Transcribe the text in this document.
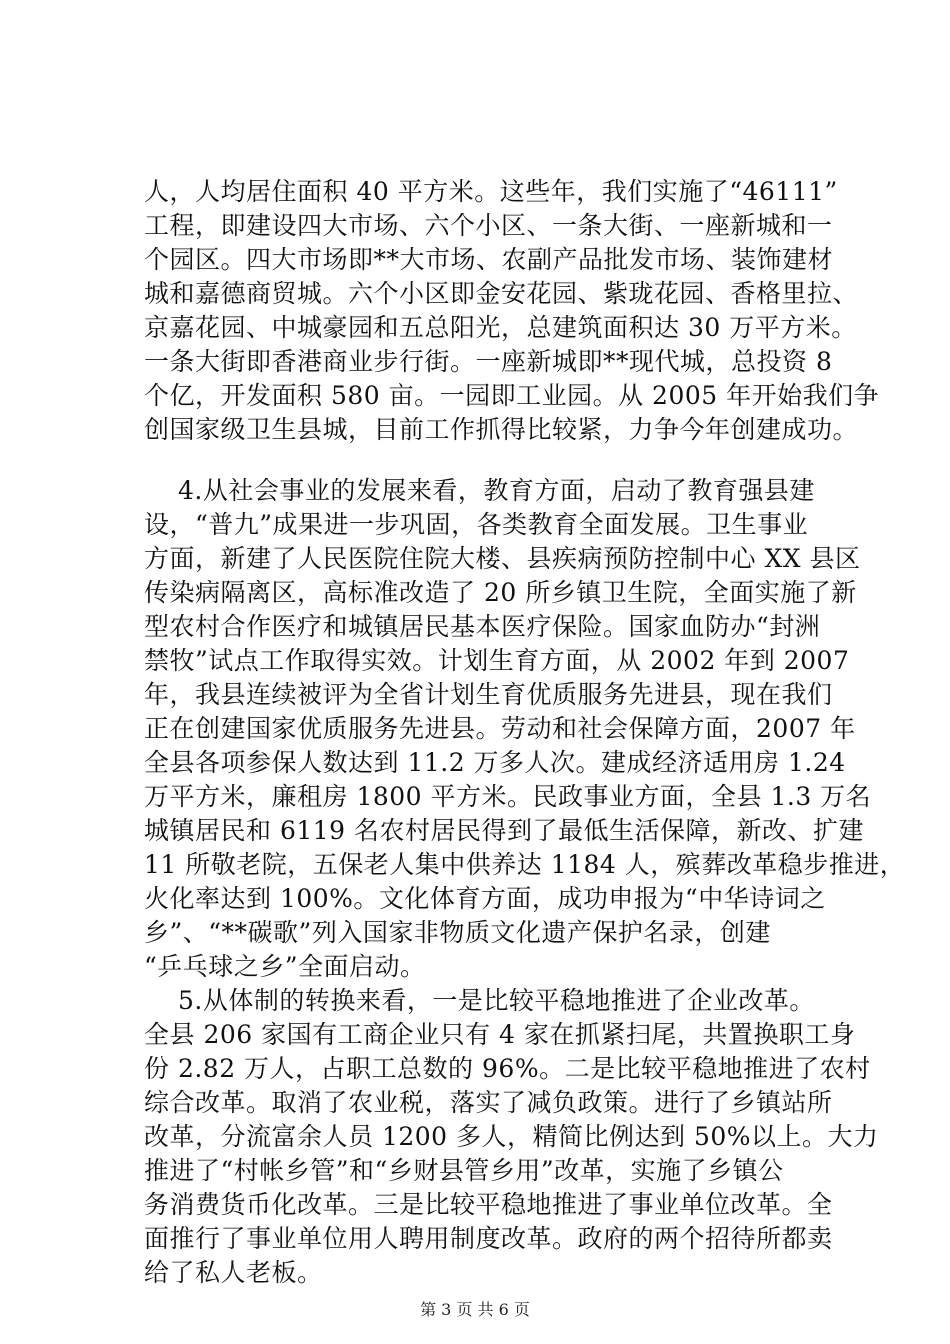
人，人均居住面积 40 平方米。这些年，我们实施了“46111”
工程，即建设四大市场、六个小区、一条大街、一座新城和一
个园区。四大市场即**大市场、农副产品批发市场、装饰建材
城和嘉德商贸城。六个小区即金安花园、紫珑花园、香格里拉、
京嘉花园、中城豪园和五总阳光，总建筑面积达 30 万平方米。
一条大街即香港商业步行街。一座新城即**现代城，总投资 8
个亿，开发面积 580 亩。一园即工业园。从 2005 年开始我们争
创国家级卫生县城，目前工作抓得比较紧，力争今年创建成功。
4.从社会事业的发展来看，教育方面，启动了教育强县建
设，“普九”成果进一步巩固，各类教育全面发展。卫生事业
方面，新建了人民医院住院大楼、县疾病预防控制中心 XX 县区
传染病隔离区，高标准改造了 20 所乡镇卫生院，全面实施了新
型农村合作医疗和城镇居民基本医疗保险。国家血防办“封洲
禁牧”试点工作取得实效。计划生育方面，从 2002 年到 2007
年，我县连续被评为全省计划生育优质服务先进县，现在我们
正在创建国家优质服务先进县。劳动和社会保障方面，2007 年
全县各项参保人数达到 11.2 万多人次。建成经济适用房 1.24
万平方米，廉租房 1800 平方米。民政事业方面，全县 1.3 万名
城镇居民和 6119 名农村居民得到了最低生活保障，新改、扩建
11 所敬老院，五保老人集中供养达 1184 人，殡葬改革稳步推进，
火化率达到 100%。文化体育方面，成功申报为“中华诗词之
乡”、“**碳歌”列入国家非物质文化遗产保护名录，创建
“乒乓球之乡”全面启动。
5.从体制的转换来看，一是比较平稳地推进了企业改革。
全县 206 家国有工商企业只有 4 家在抓紧扫尾，共置换职工身
份 2.82 万人，占职工总数的 96%。二是比较平稳地推进了农村
综合改革。取消了农业税，落实了减负政策。进行了乡镇站所
改革，分流富余人员 1200 多人，精简比例达到 50%以上。大力
推进了“村帐乡管”和“乡财县管乡用”改革，实施了乡镇公
务消费货币化改革。三是比较平稳地推进了事业单位改革。全
面推行了事业单位用人聘用制度改革。政府的两个招待所都卖
给了私人老板。
第 3 页 共 6 页
